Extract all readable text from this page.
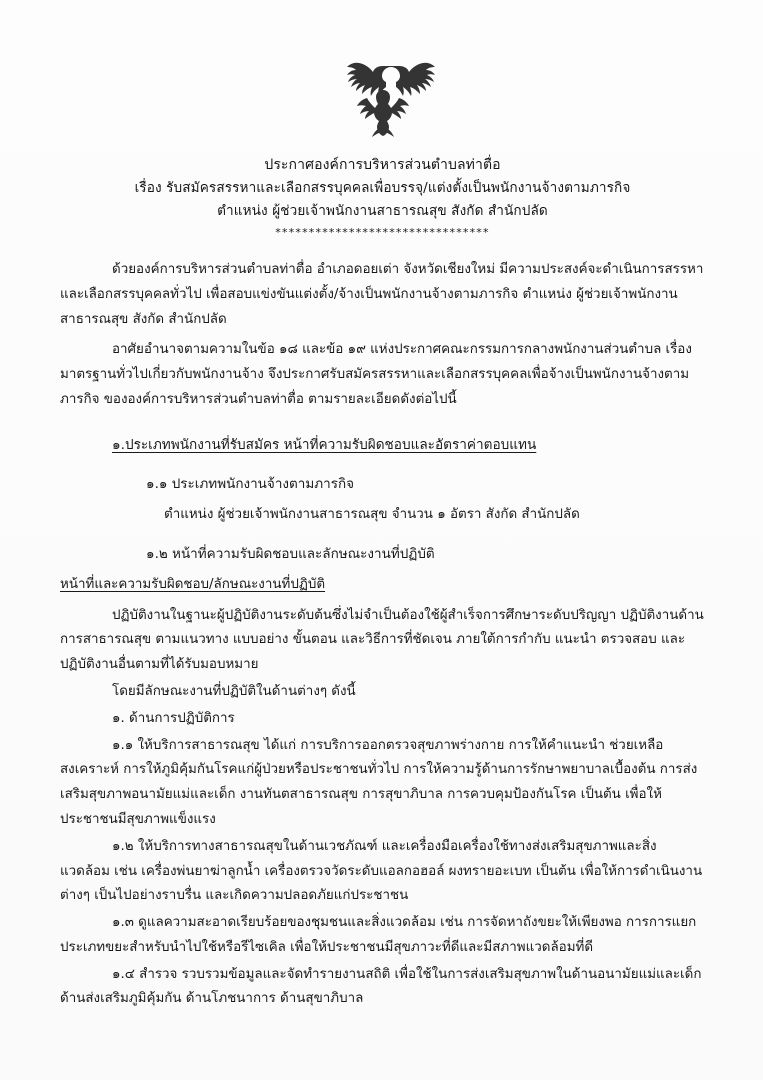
ประกาศองค์การบริหารส่วนตำบลท่าตื่อ
เรื่อง รับสมัครสรรหาและเลือกสรรบุคคลเพื่อบรรจุ/แต่งตั้งเป็นพนักงานจ้างตามภารกิจ
ตำแหน่ง ผู้ช่วยเจ้าพนักงานสาธารณสุข สังกัด สำนักปลัด
********************************

ด้วยองค์การบริหารส่วนตำบลท่าตื่อ อำเภอดอยเต่า จังหวัดเชียงใหม่ มีความประสงค์จะดำเนินการสรรหาและเลือกสรรบุคคลทั่วไป เพื่อสอบแข่งขันแต่งตั้ง/จ้างเป็นพนักงานจ้างตามภารกิจ ตำแหน่ง ผู้ช่วยเจ้าพนักงานสาธารณสุข สังกัด สำนักปลัด

อาศัยอำนาจตามความในข้อ ๑๘ และข้อ ๑๙ แห่งประกาศคณะกรรมการกลางพนักงานส่วนตำบล เรื่องมาตรฐานทั่วไปเกี่ยวกับพนักงานจ้าง จึงประกาศรับสมัครสรรหาและเลือกสรรบุคคลเพื่อจ้างเป็นพนักงานจ้างตามภารกิจ ขององค์การบริหารส่วนตำบลท่าตื่อ ตามรายละเอียดดังต่อไปนี้

๑.ประเภทพนักงานที่รับสมัคร หน้าที่ความรับผิดชอบและอัตราค่าตอบแทน

๑.๑ ประเภทพนักงานจ้างตามภารกิจ

ตำแหน่ง ผู้ช่วยเจ้าพนักงานสาธารณสุข จำนวน ๑ อัตรา สังกัด สำนักปลัด

๑.๒ หน้าที่ความรับผิดชอบและลักษณะงานที่ปฏิบัติ

หน้าที่และความรับผิดชอบ/ลักษณะงานที่ปฏิบัติ

ปฏิบัติงานในฐานะผู้ปฏิบัติงานระดับต้นซึ่งไม่จำเป็นต้องใช้ผู้สำเร็จการศึกษาระดับปริญญา ปฏิบัติงานด้านการสาธารณสุข ตามแนวทาง แบบอย่าง ขั้นตอน และวิธีการที่ชัดเจน ภายใต้การกำกับ แนะนำ ตรวจสอบ และปฏิบัติงานอื่นตามที่ได้รับมอบหมาย

โดยมีลักษณะงานที่ปฏิบัติในด้านต่างๆ ดังนี้

๑. ด้านการปฏิบัติการ

๑.๑ ให้บริการสาธารณสุข ได้แก่ การบริการออกตรวจสุขภาพร่างกาย การให้คำแนะนำ ช่วยเหลือสงเคราะห์ การให้ภูมิคุ้มกันโรคแก่ผู้ป่วยหรือประชาชนทั่วไป การให้ความรู้ด้านการรักษาพยาบาลเบื้องต้น การส่งเสริมสุขภาพอนามัยแม่และเด็ก งานทันตสาธารณสุข การสุขาภิบาล การควบคุมป้องกันโรค เป็นต้น เพื่อให้ประชาชนมีสุขภาพแข็งแรง

๑.๒ ให้บริการทางสาธารณสุขในด้านเวชภัณฑ์ และเครื่องมือเครื่องใช้ทางส่งเสริมสุขภาพและสิ่งแวดล้อม เช่น เครื่องพ่นยาฆ่าลูกน้ำ เครื่องตรวจวัดระดับแอลกอฮอล์ ผงทรายอะเบท เป็นต้น เพื่อให้การดำเนินงานต่างๆ เป็นไปอย่างราบรื่น และเกิดความปลอดภัยแก่ประชาชน

๑.๓ ดูแลความสะอาดเรียบร้อยของชุมชนและสิ่งแวดล้อม เช่น การจัดหาถังขยะให้เพียงพอ การการแยกประเภทขยะสำหรับนำไปใช้หรือรีไซเคิล เพื่อให้ประชาชนมีสุขภาวะที่ดีและมีสภาพแวดล้อมที่ดี

๑.๔ สำรวจ รวบรวมข้อมูลและจัดทำรายงานสถิติ เพื่อใช้ในการส่งเสริมสุขภาพในด้านอนามัยแม่และเด็ก ด้านส่งเสริมภูมิคุ้มกัน ด้านโภชนาการ ด้านสุขาภิบาล
